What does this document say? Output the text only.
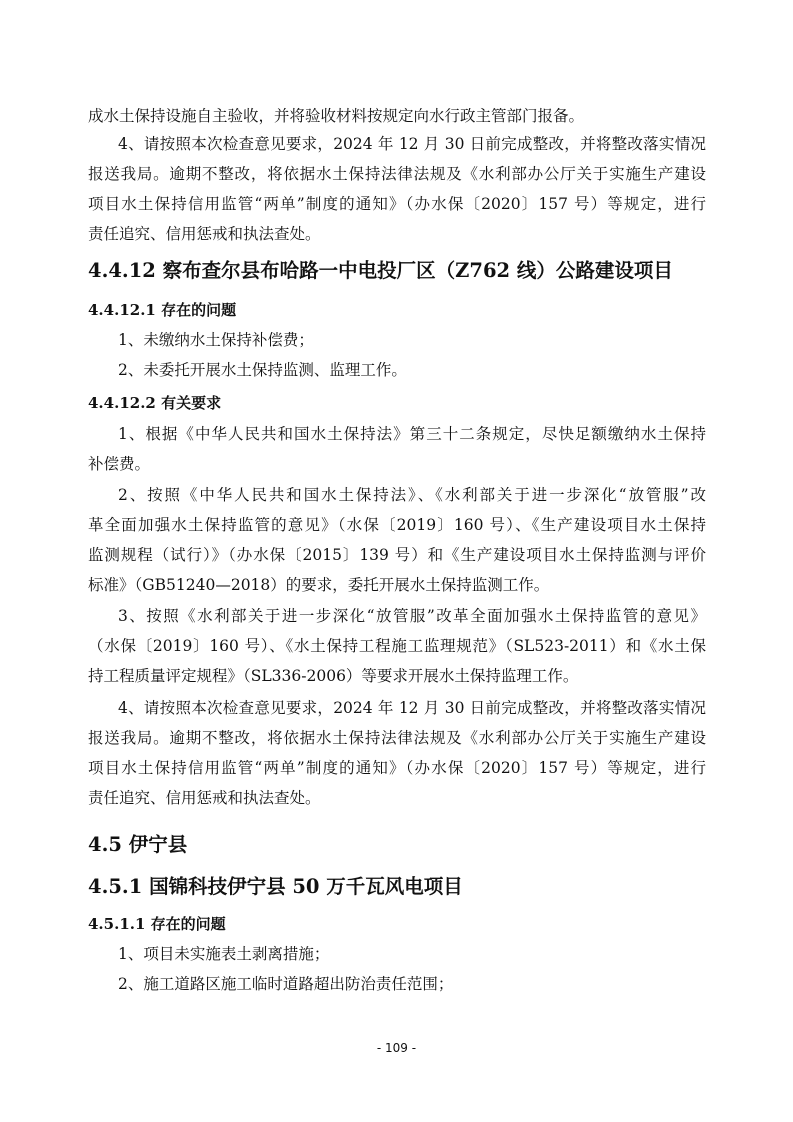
成水土保持设施自主验收，并将验收材料按规定向水行政主管部门报备。
4、请按照本次检查意见要求，2024 年 12 月 30 日前完成整改，并将整改落实情况
报送我局。逾期不整改，将依据水土保持法律法规及《水利部办公厅关于实施生产建设
项目水土保持信用监管“两单”制度的通知》（办水保〔2020〕157 号）等规定，进行
责任追究、信用惩戒和执法查处。
4.4.12 察布查尔县布哈路一中电投厂区（Z762 线）公路建设项目
4.4.12.1 存在的问题
1、未缴纳水土保持补偿费；
2、未委托开展水土保持监测、监理工作。
4.4.12.2 有关要求
1、根据《中华人民共和国水土保持法》第三十二条规定，尽快足额缴纳水土保持
补偿费。
2、按照《中华人民共和国水土保持法》、《水利部关于进一步深化“放管服”改
革全面加强水土保持监管的意见》（水保〔2019〕160 号）、《生产建设项目水土保持
监测规程（试行）》（办水保〔2015〕139 号）和《生产建设项目水土保持监测与评价
标准》（GB51240—2018）的要求，委托开展水土保持监测工作。
3、按照《水利部关于进一步深化“放管服”改革全面加强水土保持监管的意见》
（水保〔2019〕160 号）、《水土保持工程施工监理规范》（SL523-2011）和《水土保
持工程质量评定规程》（SL336-2006）等要求开展水土保持监理工作。
4、请按照本次检查意见要求，2024 年 12 月 30 日前完成整改，并将整改落实情况
报送我局。逾期不整改，将依据水土保持法律法规及《水利部办公厅关于实施生产建设
项目水土保持信用监管“两单”制度的通知》（办水保〔2020〕157 号）等规定，进行
责任追究、信用惩戒和执法查处。
4.5 伊宁县
4.5.1 国锦科技伊宁县 50 万千瓦风电项目
4.5.1.1 存在的问题
1、项目未实施表土剥离措施；
2、施工道路区施工临时道路超出防治责任范围；
- 109 -
